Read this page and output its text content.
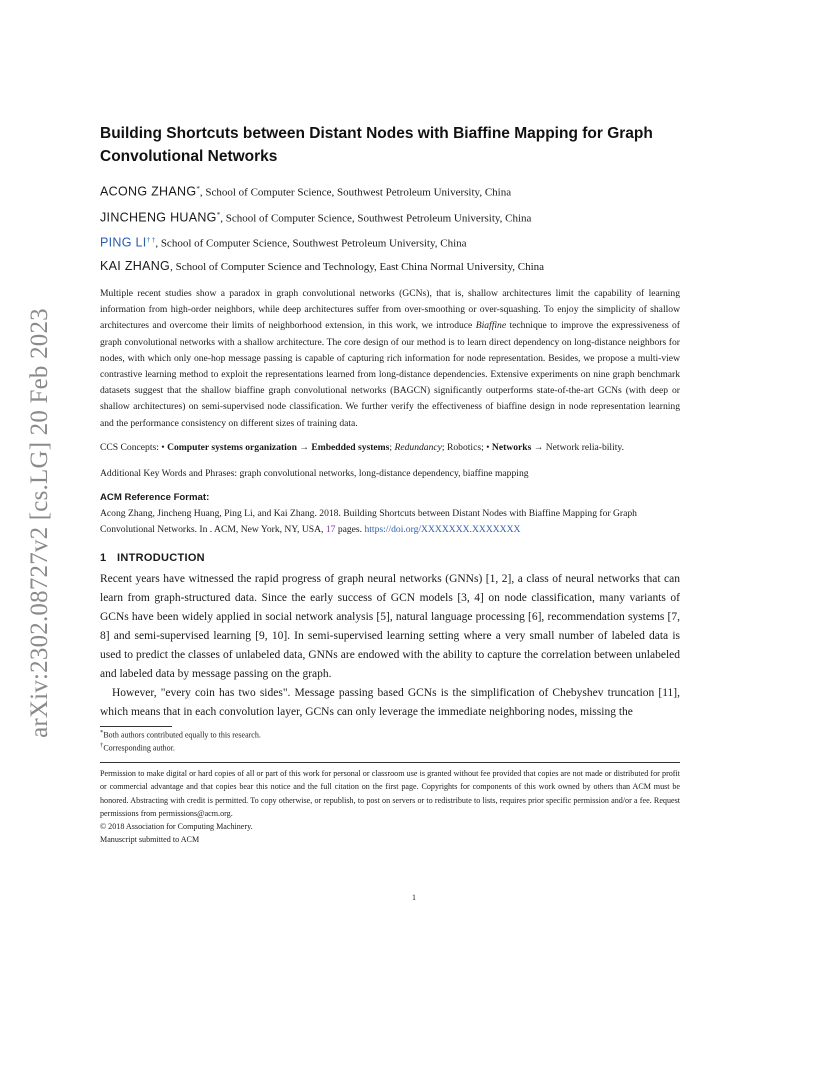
arXiv:2302.08727v2 [cs.LG] 20 Feb 2023
Building Shortcuts between Distant Nodes with Biaffine Mapping for Graph Convolutional Networks
ACONG ZHANG*, School of Computer Science, Southwest Petroleum University, China
JINCHENG HUANG*, School of Computer Science, Southwest Petroleum University, China
PING LI† †, School of Computer Science, Southwest Petroleum University, China
KAI ZHANG, School of Computer Science and Technology, East China Normal University, China
Multiple recent studies show a paradox in graph convolutional networks (GCNs), that is, shallow architectures limit the capability of learning information from high-order neighbors, while deep architectures suffer from over-smoothing or over-squashing. To enjoy the simplicity of shallow architectures and overcome their limits of neighborhood extension, in this work, we introduce Biaffine technique to improve the expressiveness of graph convolutional networks with a shallow architecture. The core design of our method is to learn direct dependency on long-distance neighbors for nodes, with which only one-hop message passing is capable of capturing rich information for node representation. Besides, we propose a multi-view contrastive learning method to exploit the representations learned from long-distance dependencies. Extensive experiments on nine graph benchmark datasets suggest that the shallow biaffine graph convolutional networks (BAGCN) significantly outperforms state-of-the-art GCNs (with deep or shallow architectures) on semi-supervised node classification. We further verify the effectiveness of biaffine design in node representation learning and the performance consistency on different sizes of training data.
CCS Concepts: • Computer systems organization → Embedded systems; Redundancy; Robotics; • Networks → Network relia-bility.
Additional Key Words and Phrases: graph convolutional networks, long-distance dependency, biaffine mapping
ACM Reference Format:
Acong Zhang, Jincheng Huang, Ping Li, and Kai Zhang. 2018. Building Shortcuts between Distant Nodes with Biaffine Mapping for Graph Convolutional Networks. In . ACM, New York, NY, USA, 17 pages. https://doi.org/XXXXXXX.XXXXXXX
1 INTRODUCTION

Recent years have witnessed the rapid progress of graph neural networks (GNNs) [1, 2], a class of neural networks that can learn from graph-structured data. Since the early success of GCN models [3, 4] on node classification, many variants of GCNs have been widely applied in social network analysis [5], natural language processing [6], recommendation systems [7, 8] and semi-supervised learning [9, 10]. In semi-supervised learning setting where a very small number of labeled data is used to predict the classes of unlabeled data, GNNs are endowed with the ability to capture the correlation between unlabeled and labeled data by message passing on the graph.

However, "every coin has two sides". Message passing based GCNs is the simplification of Chebyshev truncation [11], which means that in each convolution layer, GCNs can only leverage the immediate neighboring nodes, missing the

*Both authors contributed equally to this research.
†Corresponding author.
Permission to make digital or hard copies of all or part of this work for personal or classroom use is granted without fee provided that copies are not made or distributed for profit or commercial advantage and that copies bear this notice and the full citation on the first page. Copyrights for components of this work owned by others than ACM must be honored. Abstracting with credit is permitted. To copy otherwise, or republish, to post on servers or to redistribute to lists, requires prior specific permission and/or a fee. Request permissions from permissions@acm.org.
© 2018 Association for Computing Machinery.
Manuscript submitted to ACM
1
